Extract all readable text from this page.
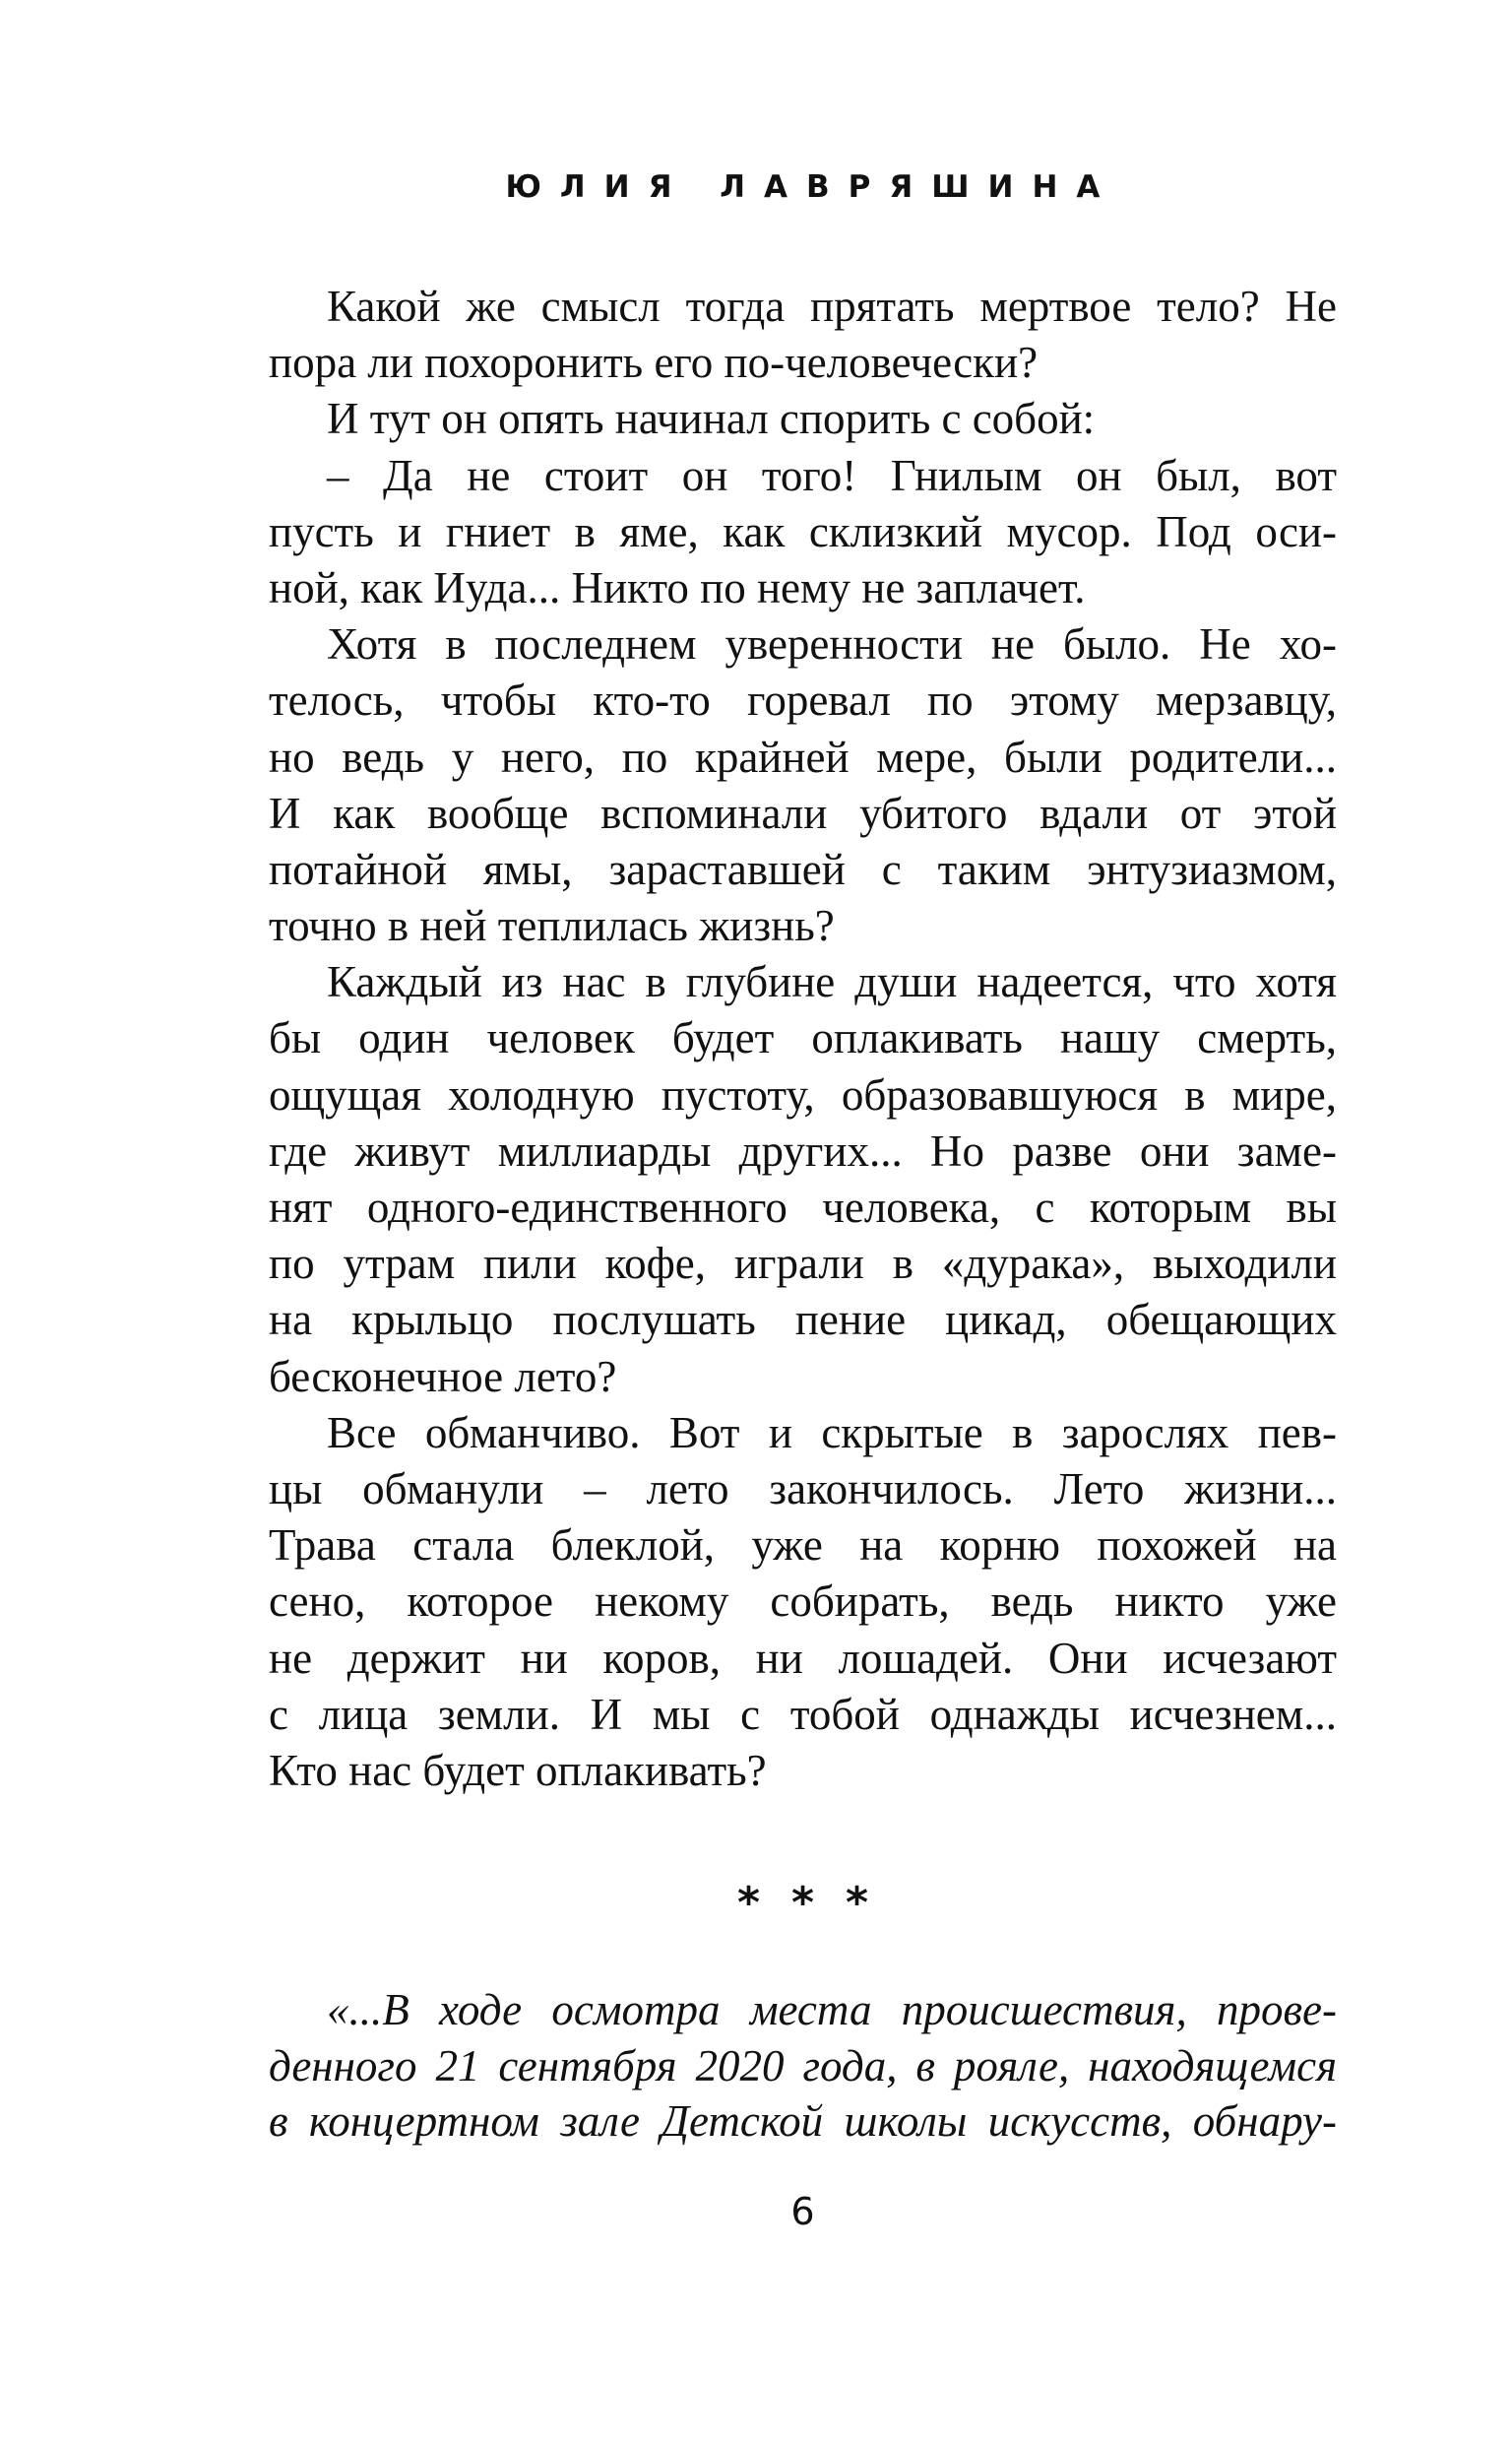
ЮЛИЯ ЛАВРЯШИНА
Какой же смысл тогда прятать мертвое тело? Не
пора ли похоронить его по-человечески?
И тут он опять начинал спорить с собой:
– Да не стоит он того! Гнилым он был, вот
пусть и гниет в яме, как склизкий мусор. Под оси-
ной, как Иуда... Никто по нему не заплачет.
Хотя в последнем уверенности не было. Не хо-
телось, чтобы кто-то горевал по этому мерзавцу,
но ведь у него, по крайней мере, были родители...
И как вообще вспоминали убитого вдали от этой
потайной ямы, зараставшей с таким энтузиазмом,
точно в ней теплилась жизнь?
Каждый из нас в глубине души надеется, что хотя
бы один человек будет оплакивать нашу смерть,
ощущая холодную пустоту, образовавшуюся в мире,
где живут миллиарды других... Но разве они заме-
нят одного-единственного человека, с которым вы
по утрам пили кофе, играли в «дурака», выходили
на крыльцо послушать пение цикад, обещающих
бесконечное лето?
Все обманчиво. Вот и скрытые в зарослях пев-
цы обманули – лето закончилось. Лето жизни...
Трава стала блеклой, уже на корню похожей на
сено, которое некому собирать, ведь никто уже
не держит ни коров, ни лошадей. Они исчезают
с лица земли. И мы с тобой однажды исчезнем...
Кто нас будет оплакивать?
* * *
«...В ходе осмотра места происшествия, прове-
денного 21 сентября 2020 года, в рояле, находящемся
в концертном зале Детской школы искусств, обнару-
6
